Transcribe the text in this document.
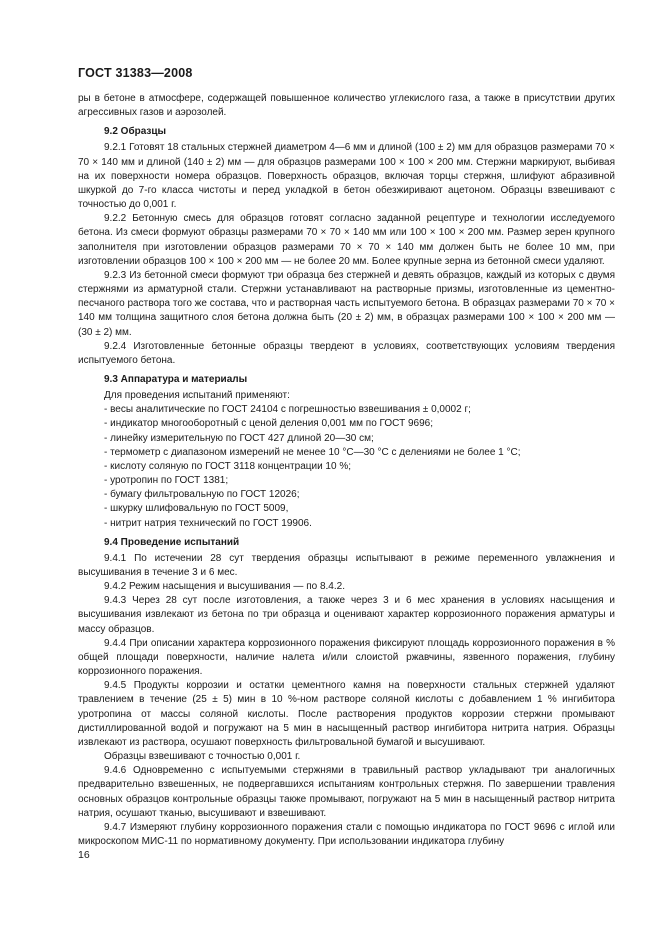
ГОСТ 31383—2008

ры в бетоне в атмосфере, содержащей повышенное количество углекислого газа, а также в присутствии других агрессивных газов и аэрозолей.

9.2 Образцы

9.2.1 Готовят 18 стальных стержней диаметром 4—6 мм и длиной (100 ± 2) мм для образцов размерами 70 × 70 × 140 мм и длиной (140 ± 2) мм — для образцов размерами 100 × 100 × 200 мм. Стержни маркируют, выбивая на их поверхности номера образцов. Поверхность образцов, включая торцы стержня, шлифуют абразивной шкуркой до 7-го класса чистоты и перед укладкой в бетон обезжиривают ацетоном. Образцы взвешивают с точностью до 0,001 г.

9.2.2 Бетонную смесь для образцов готовят согласно заданной рецептуре и технологии исследуемого бетона. Из смеси формуют образцы размерами 70 × 70 × 140 мм или 100 × 100 × 200 мм. Размер зерен крупного заполнителя при изготовлении образцов размерами 70 × 70 × 140 мм должен быть не более 10 мм, при изготовлении образцов 100 × 100 × 200 мм — не более 20 мм. Более крупные зерна из бетонной смеси удаляют.

9.2.3 Из бетонной смеси формуют три образца без стержней и девять образцов, каждый из которых с двумя стержнями из арматурной стали. Стержни устанавливают на растворные призмы, изготовленные из цементно-песчаного раствора того же состава, что и растворная часть испытуемого бетона. В образцах размерами 70 × 70 × 140 мм толщина защитного слоя бетона должна быть (20 ± 2) мм, в образцах размерами 100 × 100 × 200 мм — (30 ± 2) мм.

9.2.4 Изготовленные бетонные образцы твердеют в условиях, соответствующих условиям твердения испытуемого бетона.

9.3 Аппаратура и материалы

Для проведения испытаний применяют:

- весы аналитические по ГОСТ 24104 с погрешностью взвешивания ± 0,0002 г;
- индикатор многооборотный с ценой деления 0,001 мм по ГОСТ 9696;
- линейку измерительную по ГОСТ 427 длиной 20—30 см;
- термометр с диапазоном измерений не менее 10 °С—30 °С с делениями не более 1 °С;
- кислоту соляную по ГОСТ 3118 концентрации 10 %;
- уротропин по ГОСТ 1381;
- бумагу фильтровальную по ГОСТ 12026;
- шкурку шлифовальную по ГОСТ 5009,
- нитрит натрия технический по ГОСТ 19906.

9.4 Проведение испытаний

9.4.1 По истечении 28 сут твердения образцы испытывают в режиме переменного увлажнения и высушивания в течение 3 и 6 мес.

9.4.2 Режим насыщения и высушивания — по 8.4.2.

9.4.3 Через 28 сут после изготовления, а также через 3 и 6 мес хранения в условиях насыщения и высушивания извлекают из бетона по три образца и оценивают характер коррозионного поражения арматуры и массу образцов.

9.4.4 При описании характера коррозионного поражения фиксируют площадь коррозионного поражения в % общей площади поверхности, наличие налета и/или слоистой ржавчины, язвенного поражения, глубину коррозионного поражения.

9.4.5 Продукты коррозии и остатки цементного камня на поверхности стальных стержней удаляют травлением в течение (25 ± 5) мин в 10 %-ном растворе соляной кислоты с добавлением 1 % ингибитора уротропина от массы соляной кислоты. После растворения продуктов коррозии стержни промывают дистиллированной водой и погружают на 5 мин в насыщенный раствор ингибитора нитрита натрия. Образцы извлекают из раствора, осушают поверхность фильтровальной бумагой и высушивают.

Образцы взвешивают с точностью 0,001 г.

9.4.6 Одновременно с испытуемыми стержнями в травильный раствор укладывают три аналогичных предварительно взвешенных, не подвергавшихся испытаниям контрольных стержня. По завершении травления основных образцов контрольные образцы также промывают, погружают на 5 мин в насыщенный раствор нитрита натрия, осушают тканью, высушивают и взвешивают.

9.4.7 Измеряют глубину коррозионного поражения стали с помощью индикатора по ГОСТ 9696 с иглой или микроскопом МИС-11 по нормативному документу. При использовании индикатора глубину

16
